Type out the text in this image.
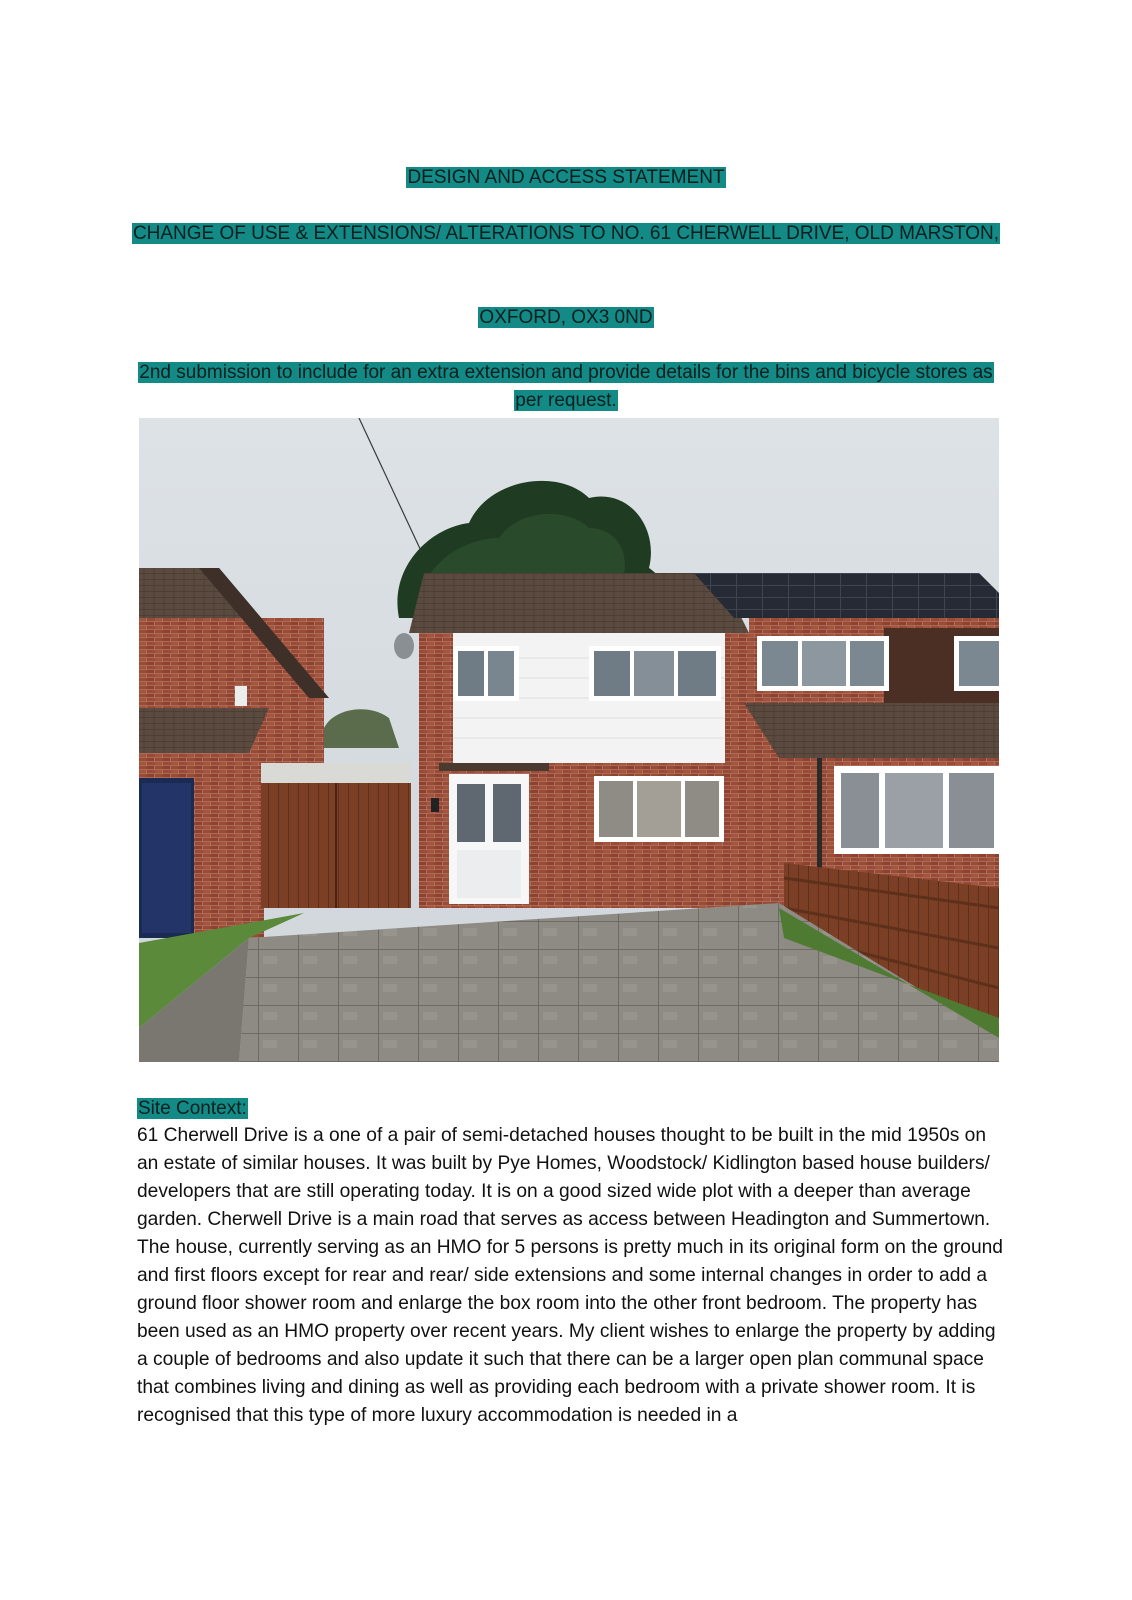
DESIGN AND ACCESS STATEMENT
CHANGE OF USE & EXTENSIONS/ ALTERATIONS TO NO. 61 CHERWELL DRIVE, OLD MARSTON,
OXFORD, OX3 0ND
2nd submission to include for an extra extension and provide details for the bins and bicycle stores as per request.
Site Context:
61 Cherwell Drive is a one of a pair of semi-detached houses thought to be built in the mid 1950s on an estate of similar houses. It was built by Pye Homes, Woodstock/ Kidlington based house builders/ developers that are still operating today. It is on a good sized wide plot with a deeper than average garden. Cherwell Drive is a main road that serves as access between Headington and Summertown. The house, currently serving as an HMO for 5 persons is pretty much in its original form on the ground and first floors except for rear and rear/ side extensions and some internal changes in order to add a ground floor shower room and enlarge the box room into the other front bedroom. The property has been used as an HMO property over recent years. My client wishes to enlarge the property by adding a couple of bedrooms and also update it such that there can be a larger open plan communal space that combines living and dining as well as providing each bedroom with a private shower room. It is recognised that this type of more luxury accommodation is needed in a
